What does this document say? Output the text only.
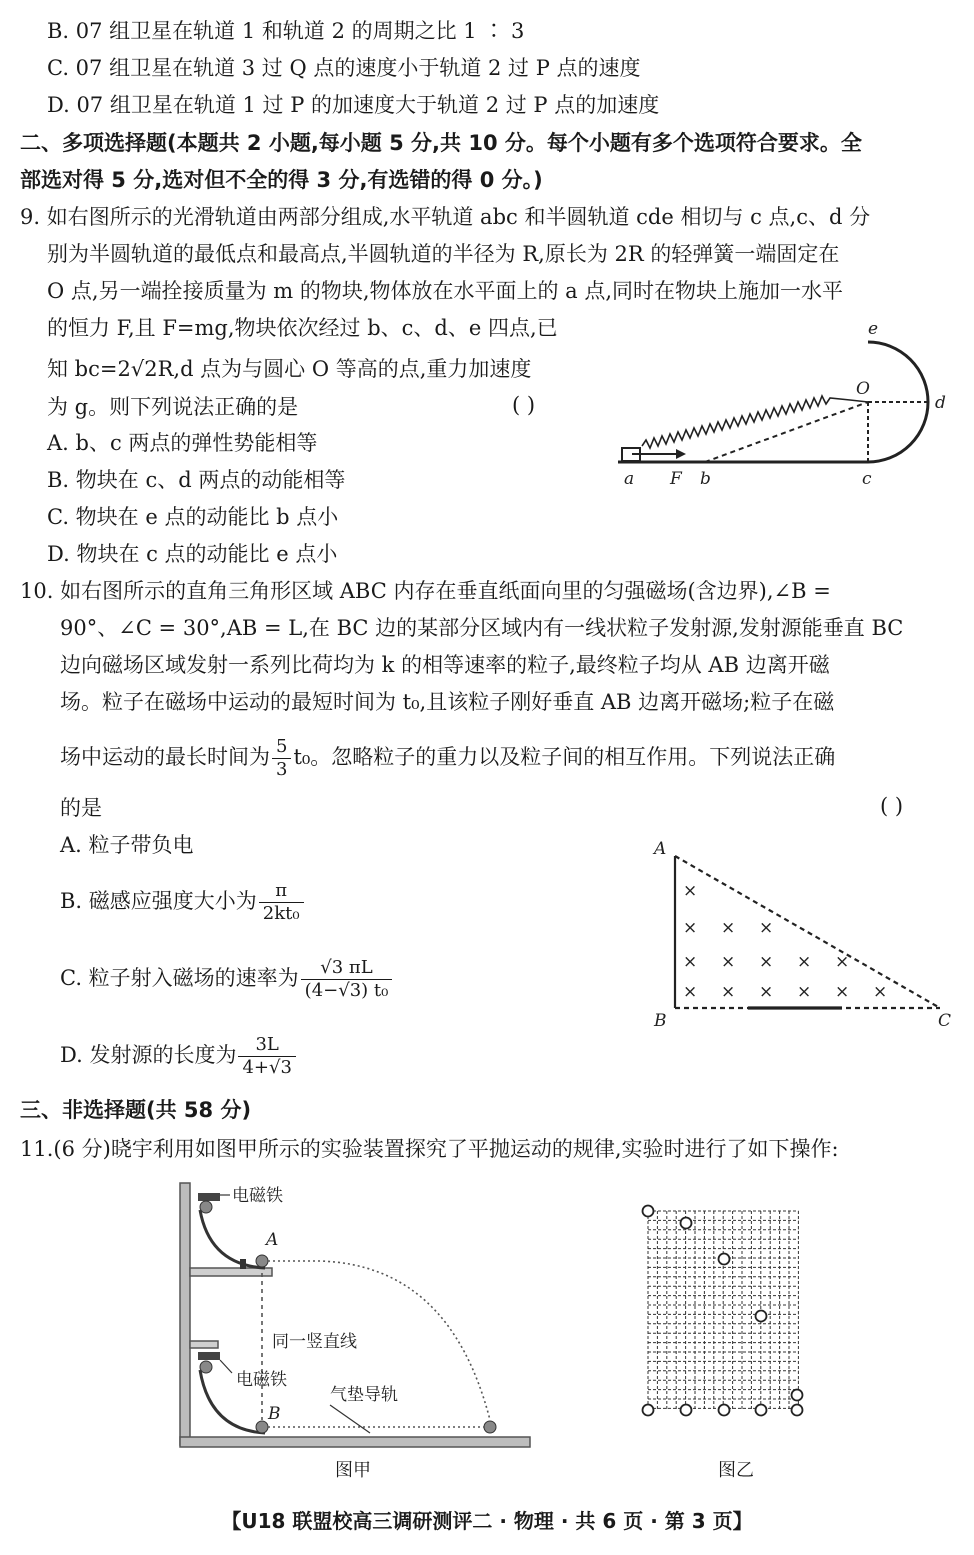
B. 07 组卫星在轨道 1 和轨道 2 的周期之比 1 ∶ 3
C. 07 组卫星在轨道 3 过 Q 点的速度小于轨道 2 过 P 点的速度
D. 07 组卫星在轨道 1 过 P 的加速度大于轨道 2 过 P 点的加速度
二、多项选择题(本题共 2 小题,每小题 5 分,共 10 分。每个小题有多个选项符合要求。全
部选对得 5 分,选对但不全的得 3 分,有选错的得 0 分。)
9. 如右图所示的光滑轨道由两部分组成,水平轨道 abc 和半圆轨道 cde 相切与 c 点,c、d 分
别为半圆轨道的最低点和最高点,半圆轨道的半径为 R,原长为 2R 的轻弹簧一端固定在
O 点,另一端拴接质量为 m 的物块,物体放在水平面上的 a 点,同时在物块上施加一水平
的恒力 F,且 F=mg,物块依次经过 b、c、d、e 四点,已
知 bc=2√2R,d 点为与圆心 O 等高的点,重力加速度
为 g。则下列说法正确的是	( )
A. b、c 两点的弹性势能相等
B. 物块在 c、d 两点的动能相等
C. 物块在 e 点的动能比 b 点小
D. 物块在 c 点的动能比 e 点小
a F b	c
d
e
O
10. 如右图所示的直角三角形区域 ABC 内存在垂直纸面向里的匀强磁场(含边界),∠B =
90°、∠C = 30°,AB = L,在 BC 边的某部分区域内有一线状粒子发射源,发射源能垂直 BC
边向磁场区域发射一系列比荷均为 k 的相等速率的粒子,最终粒子均从 AB 边离开磁
场。粒子在磁场中运动的最短时间为 t₀,且该粒子刚好垂直 AB 边离开磁场;粒子在磁
场中运动的最长时间为 $\frac{5}{3} t_0$。忽略粒子的重力以及粒子间的相互作用。下列说法正确
的是	( )
A. 粒子带负电
B. 磁感应强度大小为 $\frac{\pi}{\text{2kt₀}}$
C. 粒子射入磁场的速率为 $\frac{√3 \pi L}{\text{(4−√3) t₀}}$
D. 发射源的长度为 $\frac{3L}{4+√3}$
×
× × ×
× × × × ×
× × × × × ×
A
B	C
三、非选择题(共 58 分)
11.(6 分)晓宇利用如图甲所示的实验装置探究了平抛运动的规律,实验时进行了如下操作:
电磁铁
电磁铁
同一竖直线
气垫导轨
A
B
图甲	图乙
【U18 联盟校高三调研测评二 · 物理 · 共 6 页 · 第 3 页】
